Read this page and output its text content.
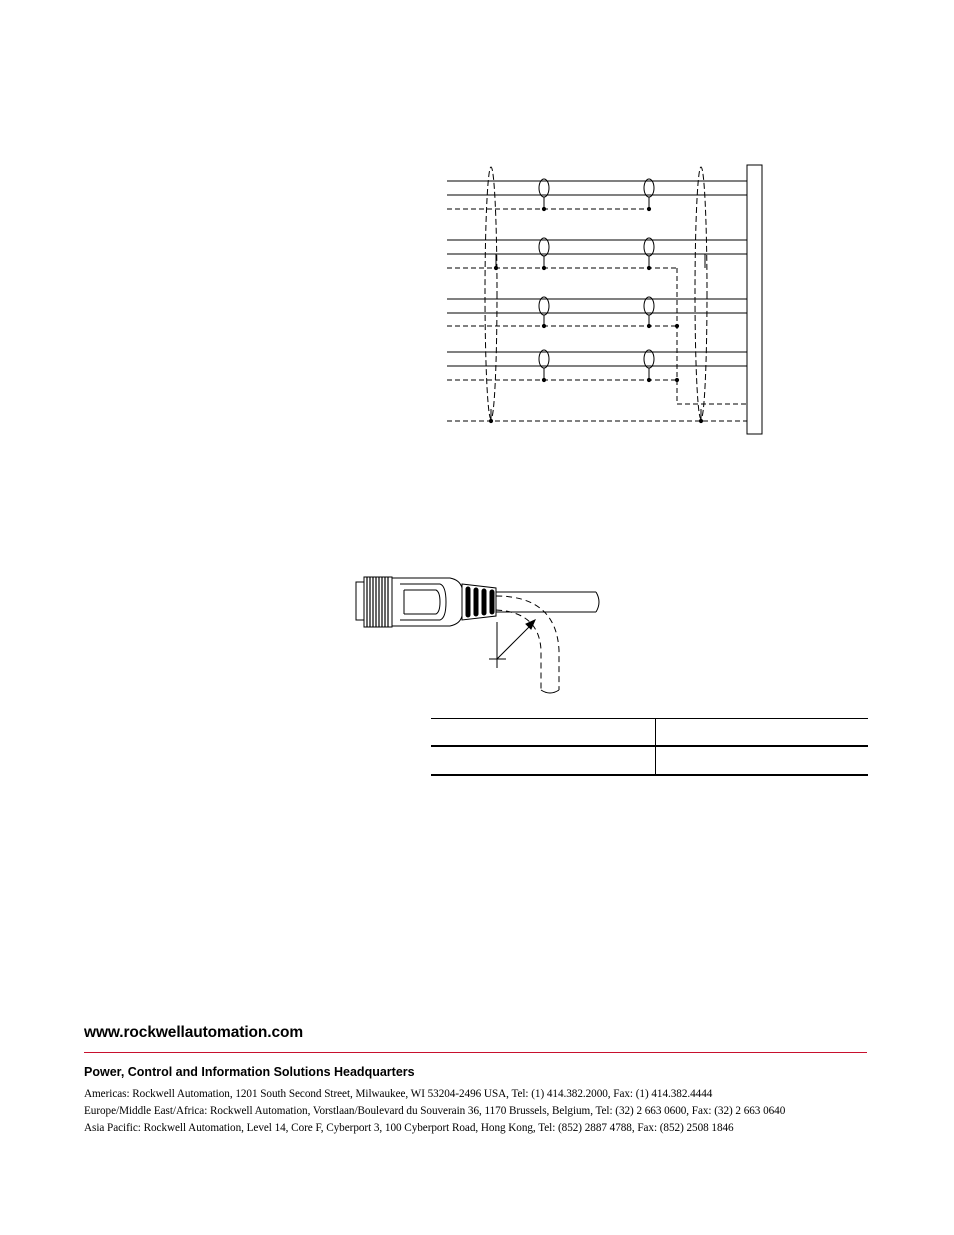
www.rockwellautomation.com
Power, Control and Information Solutions Headquarters
Americas: Rockwell Automation, 1201 South Second Street, Milwaukee, WI 53204-2496 USA, Tel: (1) 414.382.2000, Fax: (1) 414.382.4444
Europe/Middle East/Africa: Rockwell Automation, Vorstlaan/Boulevard du Souverain 36, 1170 Brussels, Belgium, Tel: (32) 2 663 0600, Fax: (32) 2 663 0640
Asia Pacific: Rockwell Automation, Level 14, Core F, Cyberport 3, 100 Cyberport Road, Hong Kong, Tel: (852) 2887 4788, Fax: (852) 2508 1846
